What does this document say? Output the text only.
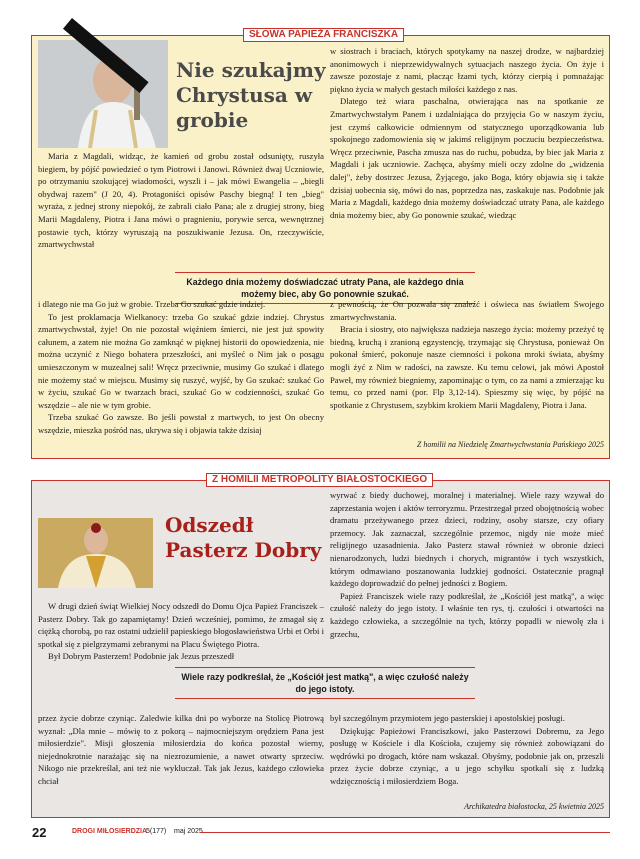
SŁOWA PAPIEŻA FRANCISZKA
Nie szukajmy Chrystusa w grobie

Maria z Magdali, widząc, że kamień od grobu został odsunięty, ruszyła biegiem, by pójść powiedzieć o tym Piotrowi i Janowi. Również dwaj Uczniowie, po otrzymaniu szokującej wiadomości, wyszli i – jak mówi Ewangelia – „biegli obydwaj razem" (J 20, 4). Protagoniści opisów Paschy biegną! I ten „bieg" wyraża, z jednej strony niepokój, że zabrali ciało Pana; ale z drugiej strony, bieg Marii Magdaleny, Piotra i Jana mówi o pragnieniu, porywie serca, wewnętrznej postawie tych, którzy wyruszają na poszukiwanie Jezusa. On, rzeczywiście, zmartwychwstał

Każdego dnia możemy doświadczać utraty Pana, ale każdego dnia możemy biec, aby Go ponownie szukać.

i dlatego nie ma Go już w grobie. Trzeba Go szukać gdzie indziej.

To jest proklamacja Wielkanocy: trzeba Go szukać gdzie indziej. Chrystus zmartwychwstał, żyje! On nie pozostał więźniem śmierci, nie jest już spowity całunem, a zatem nie można Go zamknąć w pięknej historii do opowiedzenia, nie można uczynić z Niego bohatera przeszłości, ani myśleć o Nim jak o posągu umieszczonym w muzealnej sali! Wręcz przeciwnie, musimy Go szukać i dlatego nie możemy stać w miejscu. Musimy się ruszyć, wyjść, by Go szukać: szukać Go w życiu, szukać Go w twarzach braci, szukać Go w codzienności, szukać Go wszędzie – ale nie w tym grobie.

Trzeba szukać Go zawsze. Bo jeśli powstał z martwych, to jest On obecny wszędzie, mieszka pośród nas, ukrywa się i objawia także dzisiaj

w siostrach i braciach, których spotykamy na naszej drodze, w najbardziej anonimowych i nieprzewidywalnych sytuacjach naszego życia. On żyje i zawsze pozostaje z nami, płacząc łzami tych, którzy cierpią i pomnażając piękno życia w małych gestach miłości każdego z nas.

Dlatego też wiara paschalna, otwierająca nas na spotkanie ze Zmartwychwstałym Panem i uzdalniająca do przyjęcia Go w naszym życiu, jest czymś całkowicie odmiennym od statycznego uporządkowania lub spokojnego zadomowienia się w jakimś religijnym poczuciu bezpieczeństwa. Wręcz przeciwnie, Pascha zmusza nas do ruchu, pobudza, by biec jak Maria z Magdali i jak uczniowie. Zachęca, abyśmy mieli oczy zdolne do „widzenia dalej", żeby dostrzec Jezusa, Żyjącego, jako Boga, który objawia się i także dzisiaj uobecnia się, mówi do nas, poprzedza nas, zaskakuje nas. Podobnie jak Maria z Magdali, każdego dnia możemy doświadczać utraty Pana, ale każdego dnia możemy biec, aby Go ponownie szukać, wiedząc

z pewnością, że On pozwala się znaleźć i oświeca nas światłem Swojego zmartwychwstania.

Bracia i siostry, oto największa nadzieja naszego życia: możemy przeżyć tę biedną, kruchą i zranioną egzystencję, trzymając się Chrystusa, ponieważ On pokonał śmierć, pokonuje nasze ciemności i pokona mroki świata, abyśmy mogli żyć z Nim w radości, na zawsze. Ku temu celowi, jak mówi Apostoł Paweł, my również biegniemy, zapominając o tym, co za nami a zmierzając ku temu, co przed nami (por. Flp 3,12-14). Spieszmy się więc, by pójść na spotkanie z Chrystusem, szybkim krokiem Marii Magdaleny, Piotra i Jana.

Z homilii na Niedzielę Zmartwychwstania Pańskiego 2025

Z HOMILII METROPOLITY BIAŁOSTOCKIEGO
Odszedł Pasterz Dobry

W drugi dzień świąt Wielkiej Nocy odszedł do Domu Ojca Papież Franciszek – Pasterz Dobry. Tak go zapamiętamy! Dzień wcześniej, pomimo, że zmagał się z ciężką chorobą, po raz ostatni udzielił papieskiego błogosławieństwa Urbi et Orbi i spotkał się z pielgrzymami zebranymi na Placu Świętego Piotra.

Był Dobrym Pasterzem! Podobnie jak Jezus przeszedł

Wiele razy podkreślał, że „Kościół jest matką", a więc czułość należy do jego istoty.

przez życie dobrze czyniąc. Zaledwie kilka dni po wyborze na Stolicę Piotrową wyznał: „Dla mnie – mówię to z pokorą – najmocniejszym orędziem Pana jest miłosierdzie". Misji głoszenia miłosierdzia do końca pozostał wierny, niejednokrotnie narażając się na niezrozumienie, a nawet otwarty sprzeciw. Nikogo nie przekreślał, ani też nie wykluczał. Tak jak Jezus, każdego człowieka chciał

wyrwać z biedy duchowej, moralnej i materialnej. Wiele razy wzywał do zaprzestania wojen i aktów terroryzmu. Przestrzegał przed obojętnością wobec dramatu przeżywanego przez dzieci, rodziny, osoby starsze, czy ofiary przemocy. Jak zaznaczał, szczególnie przemoc, nigdy nie może mieć religijnego uzasadnienia. Jako Pasterz stawał również w obronie dzieci nienarodzonych, ludzi biednych i chorych, migrantów i tych wszystkich, którym odmawiano poszanowania ludzkiej godności. Ostatecznie pragnął każdego doprowadzić do pełnej jedności z Bogiem.

Papież Franciszek wiele razy podkreślał, że „Kościół jest matką", a więc czułość należy do jego istoty. I właśnie ten rys, tj. czułości i otwartości na każdego człowieka, a szczególnie na tych, którzy popadli w niewolę zła i grzechu,

był szczególnym przymiotem jego pasterskiej i apostolskiej posługi.

Dziękując Papieżowi Franciszkowi, jako Pasterzowi Dobremu, za Jego posługę w Kościele i dla Kościoła, czujemy się również zobowiązani do wędrówki po drogach, które nam wskazał. Obyśmy, podobnie jak on, przeszli przez życie dobrze czyniąc, a u jego schyłku spotkali się z ludzką wdzięcznością i miłosierdziem Boga.

Archikatedra białostocka, 25 kwietnia 2025

22	DROGI MIŁOSIERDZIA
5(177) maj 2025
